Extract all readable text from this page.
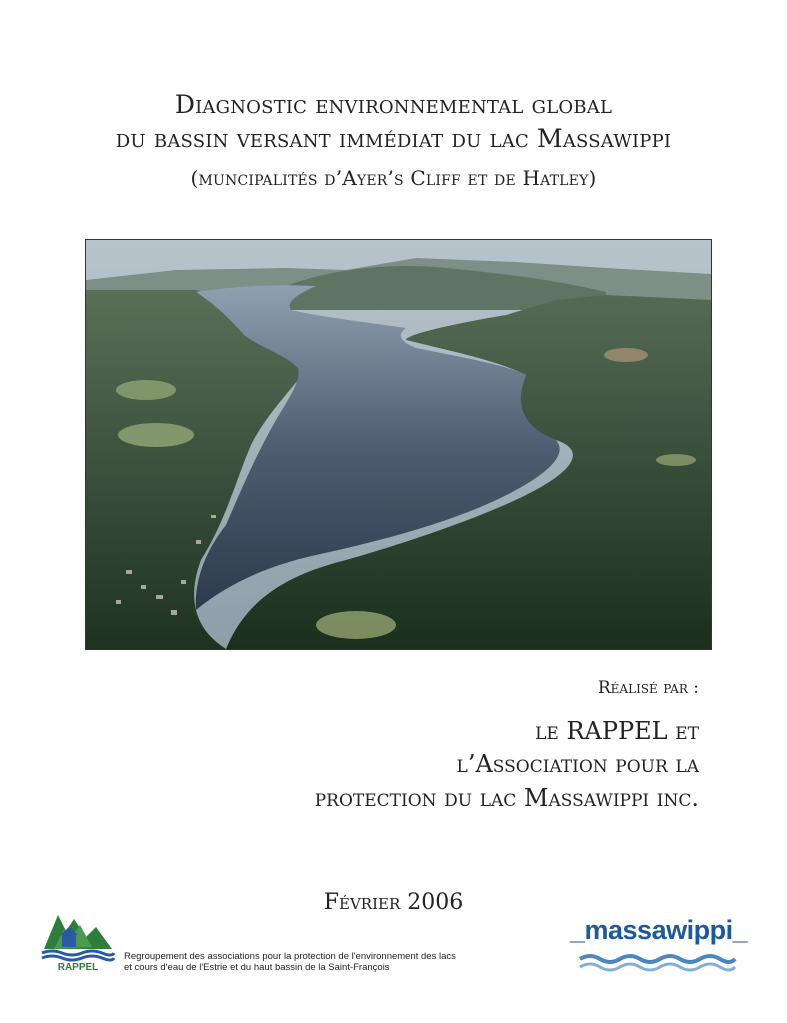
Diagnostic environnemental global
du bassin versant immédiat du lac Massawippi
(muncipalités d’Ayer’s Cliff et de Hatley)
Réalisé par :
le RAPPEL et
l’Association pour la
protection du lac Massawippi inc.
Février 2006
RAPPEL
Regroupement des associations pour la protection de l'environnement des lacs
et cours d'eau de l'Estrie et du haut bassin de la Saint-François
_massawippi_
